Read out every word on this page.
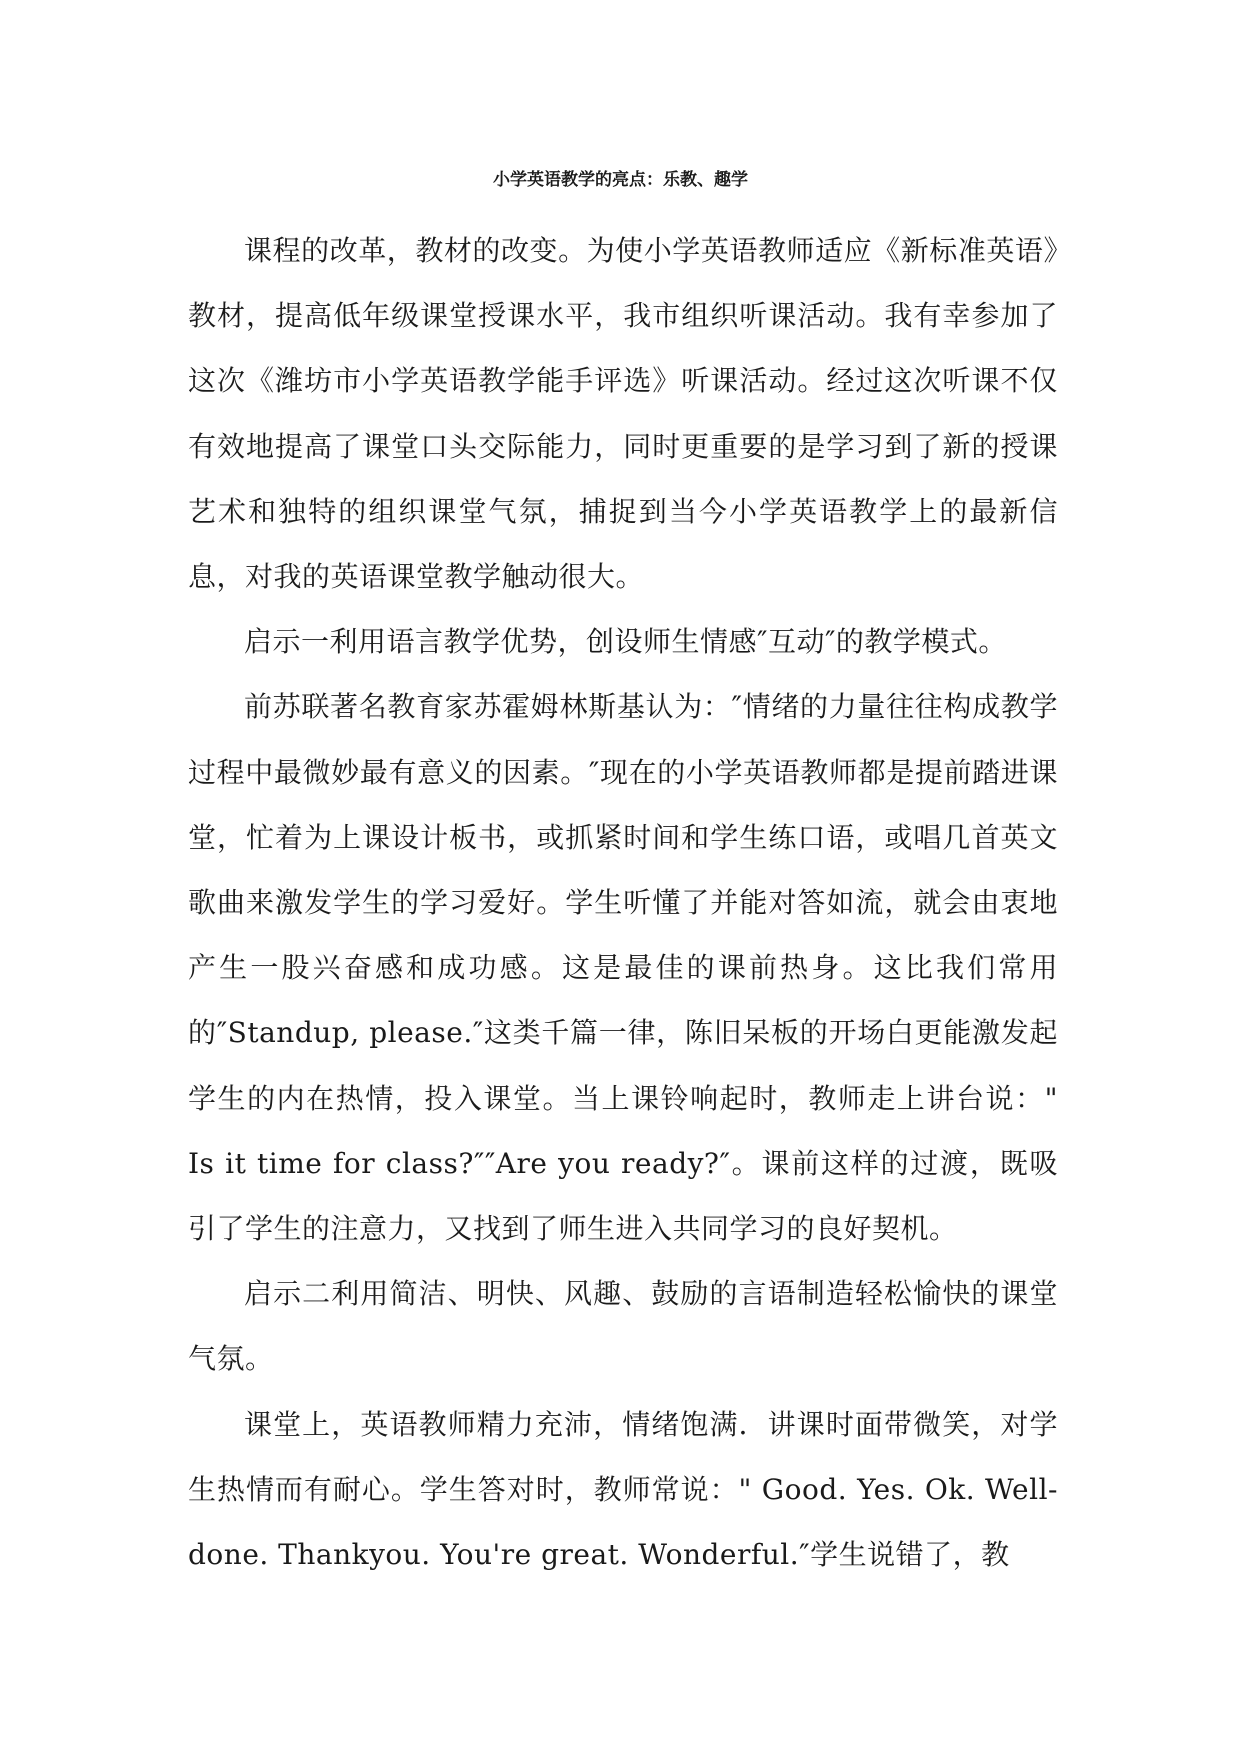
小学英语教学的亮点：乐教、趣学

课程的改革，教材的改变。为使小学英语教师适应《新标准英语》教材，提高低年级课堂授课水平，我市组织听课活动。我有幸参加了这次《潍坊市小学英语教学能手评选》听课活动。经过这次听课不仅有效地提高了课堂口头交际能力，同时更重要的是学习到了新的授课艺术和独特的组织课堂气氛，捕捉到当今小学英语教学上的最新信息，对我的英语课堂教学触动很大。

启示一利用语言教学优势，创设师生情感″互动″的教学模式。

前苏联著名教育家苏霍姆林斯基认为：″情绪的力量往往构成教学过程中最微妙最有意义的因素。″现在的小学英语教师都是提前踏进课堂，忙着为上课设计板书，或抓紧时间和学生练口语，或唱几首英文歌曲来激发学生的学习爱好。学生听懂了并能对答如流，就会由衷地产生一股兴奋感和成功感。这是最佳的课前热身。这比我们常用的″Standup, please.″这类千篇一律，陈旧呆板的开场白更能激发起学生的内在热情，投入课堂。当上课铃响起时，教师走上讲台说：" Is it time for class?″″Are you ready?″。课前这样的过渡，既吸引了学生的注意力，又找到了师生进入共同学习的良好契机。

启示二利用简洁、明快、风趣、鼓励的言语制造轻松愉快的课堂气氛。

课堂上，英语教师精力充沛，情绪饱满．讲课时面带微笑，对学生热情而有耐心。学生答对时，教师常说：" Good. Yes. Ok. Well-done. Thankyou. You're great. Wonderful.″学生说错了，教
